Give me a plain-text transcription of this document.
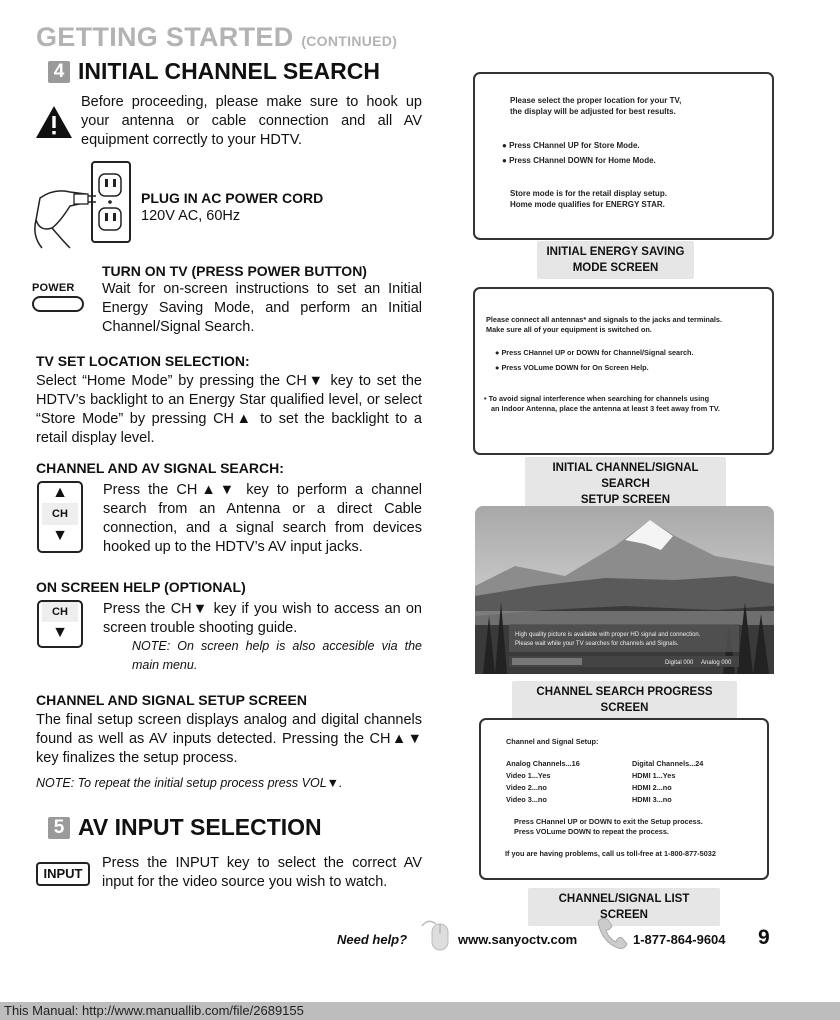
GETTING STARTED (CONTINUED)
4 INITIAL CHANNEL SEARCH
Before proceeding, please make sure to hook up your antenna or cable connection and all AV equipment correctly to your HDTV.
PLUG IN AC POWER CORD
120V AC, 60Hz
POWER
TURN ON TV (PRESS POWER BUTTON)
Wait for on-screen instructions to set an Initial Energy Saving Mode, and perform an Initial Channel/Signal Search.
TV SET LOCATION SELECTION:
Select “Home Mode” by pressing the CH▼ key to set the HDTV’s backlight to an Energy Star qualified level, or select “Store Mode” by pressing CH▲ to set the backlight to a retail display level.
CHANNEL AND AV SIGNAL SEARCH:
▲
CH
▼
Press the CH▲▼ key to perform a channel search from an Antenna or a direct Cable connection, and a signal search from devices hooked up to the HDTV’s AV input jacks.
ON SCREEN HELP (OPTIONAL)
CH
▼
Press the CH▼ key if you wish to access an on screen trouble shooting guide.
NOTE: On screen help is also accesible via the main menu.
CHANNEL AND SIGNAL SETUP SCREEN
The final setup screen displays analog and digital channels found as well as AV inputs detected. Pressing the CH▲▼ key finalizes the setup process.
NOTE: To repeat the initial setup process press VOL▼.
5 AV INPUT SELECTION
INPUT
Press the INPUT key to select the correct AV input for the video source you wish to watch.
Please select the proper location for your TV,
the display will be adjusted for best results.
● Press CHannel UP for Store Mode.
● Press CHannel DOWN for Home Mode.
Store mode is for the retail display setup.
Home mode qualifies for ENERGY STAR.
INITIAL ENERGY SAVING
MODE SCREEN
Please connect all antennas* and signals to the jacks and terminals.
Make sure all of your equipment is switched on.
● Press CHannel UP or DOWN for Channel/Signal search.
● Press VOLume DOWN for On Screen Help.
• To avoid signal interference when searching for channels using
an Indoor Antenna, place the antenna at least 3 feet away from TV.
INITIAL CHANNEL/SIGNAL SEARCH
SETUP SCREEN
High quality picture is available with proper HD signal and connection.
Please wait while your TV searches for channels and Signals.
Digital 000 Analog 000
CHANNEL SEARCH PROGRESS SCREEN
Channel and Signal Setup:
Analog Channels...16
Video 1...Yes
Video 2...no
Video 3...no
Digital Channels...24
HDMI 1...Yes
HDMI 2...no
HDMI 3...no
Press CHannel UP or DOWN to exit the Setup process.
Press VOLume DOWN to repeat the process.
If you are having problems, call us toll-free at 1-800-877-5032
CHANNEL/SIGNAL LIST SCREEN
Need help?	www.sanyoctv.com	1-877-864-9604 9
This Manual: http://www.manuallib.com/file/2689155
